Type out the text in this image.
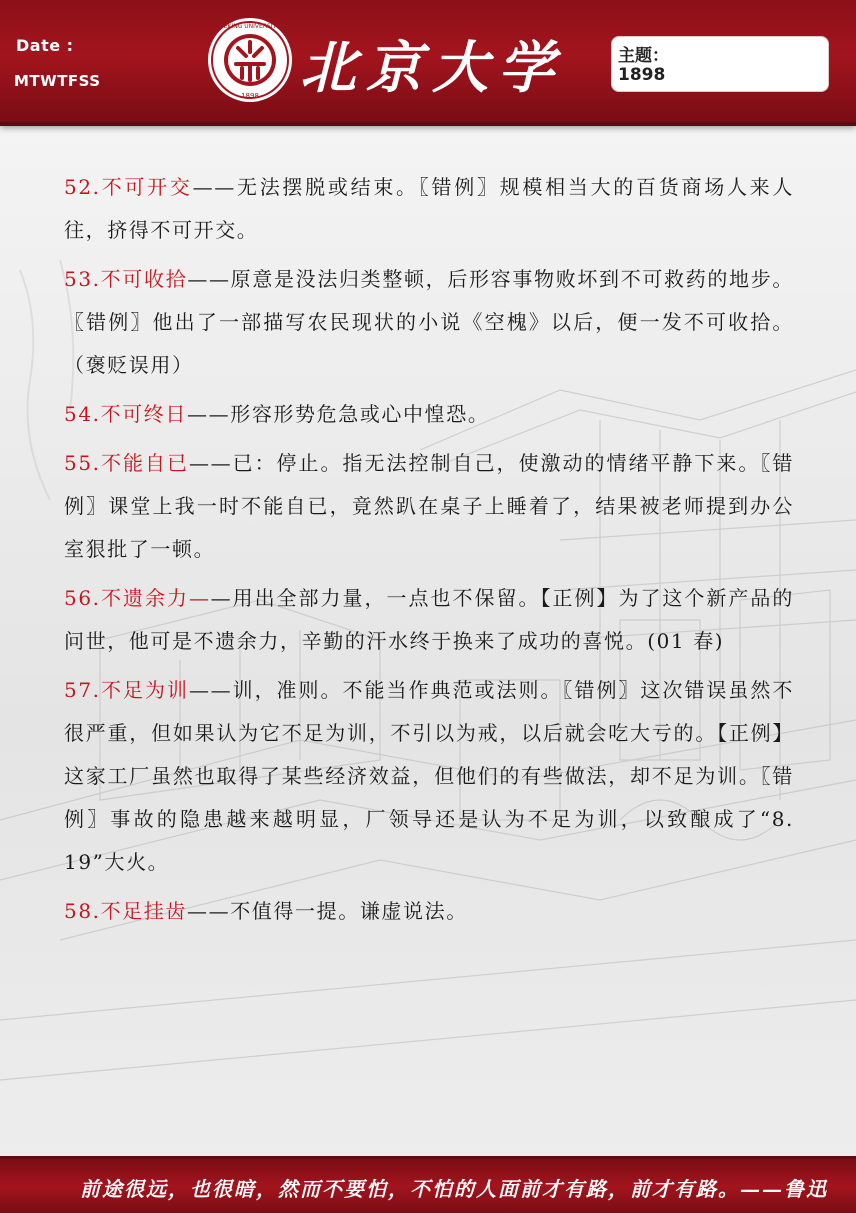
Date :
MTWTFSS
PEKING UNIVERSITY
1898 北京大学	主题：
1898

52.不可开交——无法摆脱或结束。〖错例〗规模相当大的百货商场人来人往，挤得不可开交。

53.不可收拾——原意是没法归类整顿，后形容事物败坏到不可救药的地步。〖错例〗他出了一部描写农民现状的小说《空槐》以后，便一发不可收拾。（褒贬误用）

54.不可终日——形容形势危急或心中惶恐。

55.不能自已——已：停止。指无法控制自己，使激动的情绪平静下来。〖错例〗课堂上我一时不能自已，竟然趴在桌子上睡着了，结果被老师提到办公室狠批了一顿。

56.不遗余力——用出全部力量，一点也不保留。【正例】为了这个新产品的问世，他可是不遗余力，辛勤的汗水终于换来了成功的喜悦。(01 春)

57.不足为训——训，准则。不能当作典范或法则。〖错例〗这次错误虽然不很严重，但如果认为它不足为训，不引以为戒，以后就会吃大亏的。【正例】这家工厂虽然也取得了某些经济效益，但他们的有些做法，却不足为训。〖错例〗事故的隐患越来越明显，厂领导还是认为不足为训，以致酿成了“8. 19”大火。

58.不足挂齿——不值得一提。谦虚说法。

前途很远，也很暗，然而不要怕，不怕的人面前才有路，前才有路。——鲁迅
